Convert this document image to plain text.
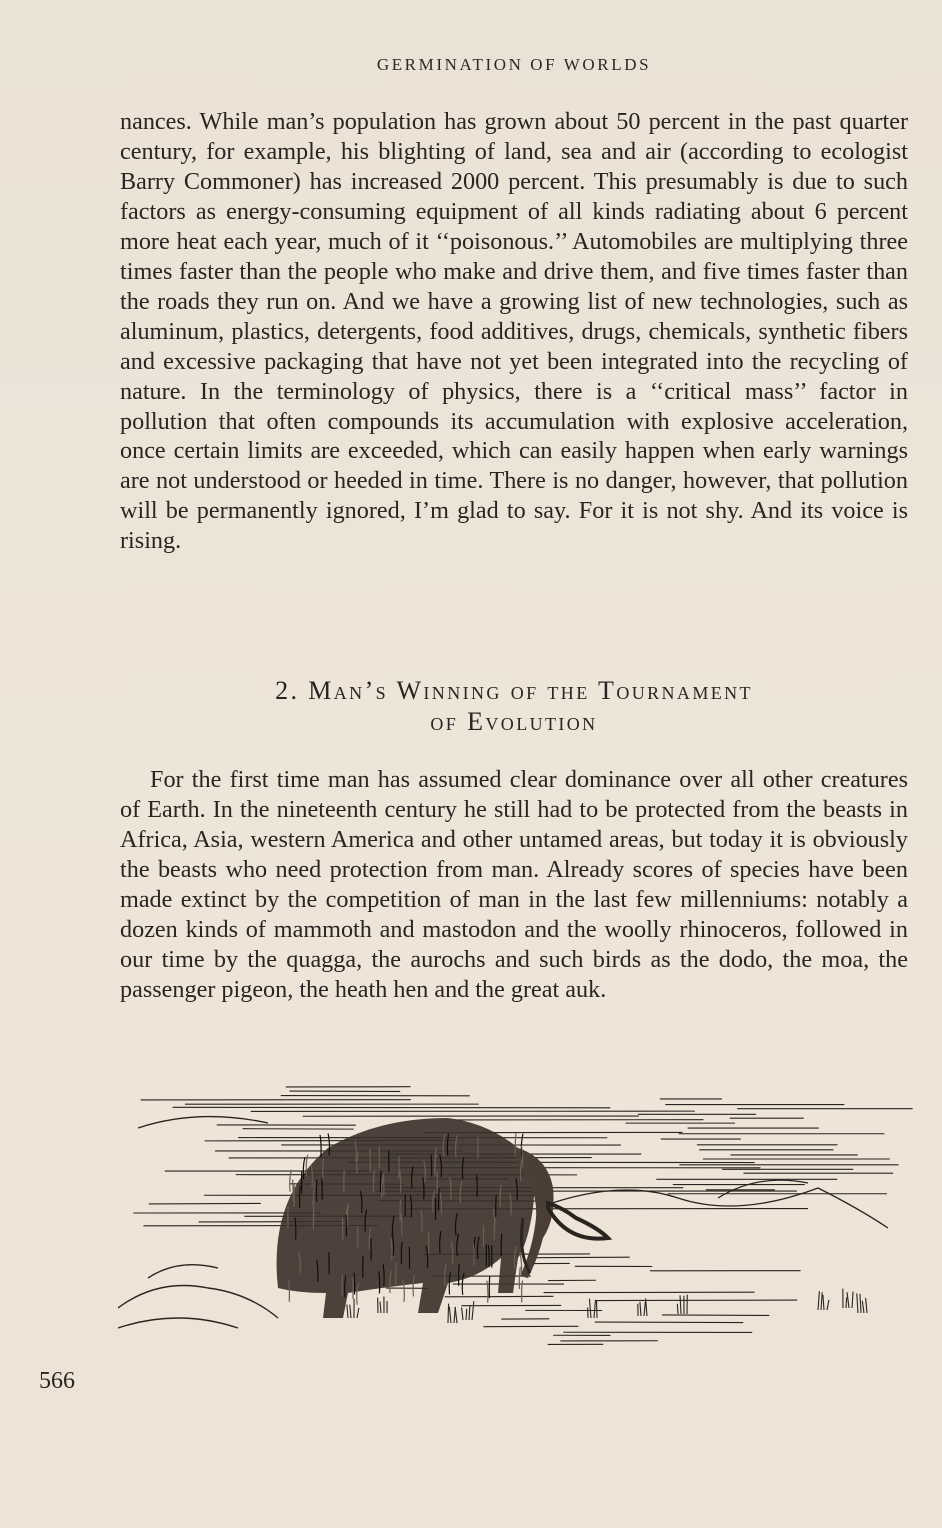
GERMINATION OF WORLDS

nances. While man’s population has grown about 50 percent in the past quarter century, for example, his blighting of land, sea and air (according to ecologist Barry Commoner) has increased 2000 percent. This presumably is due to such factors as energy-consuming equipment of all kinds radiating about 6 percent more heat each year, much of it ‘‘poisonous.’’ Automobiles are multiplying three times faster than the people who make and drive them, and five times faster than the roads they run on. And we have a growing list of new technologies, such as aluminum, plastics, detergents, food additives, drugs, chemicals, synthetic fibers and excessive packaging that have not yet been integrated into the recycling of nature. In the terminology of physics, there is a ‘‘critical mass’’ factor in pollution that often compounds its accumulation with explosive acceleration, once certain limits are exceeded, which can easily happen when early warnings are not understood or heeded in time. There is no danger, however, that pollution will be permanently ignored, I’m glad to say. For it is not shy. And its voice is rising.

2. Man’s Winning of the Tournament
of Evolution

For the first time man has assumed clear dominance over all other creatures of Earth. In the nineteenth century he still had to be protected from the beasts in Africa, Asia, western America and other untamed areas, but today it is obviously the beasts who need protection from man. Already scores of species have been made extinct by the competition of man in the last few millenniums: notably a dozen kinds of mammoth and mastodon and the woolly rhinoceros, followed in our time by the quagga, the aurochs and such birds as the dodo, the moa, the passenger pigeon, the heath hen and the great auk.

566
